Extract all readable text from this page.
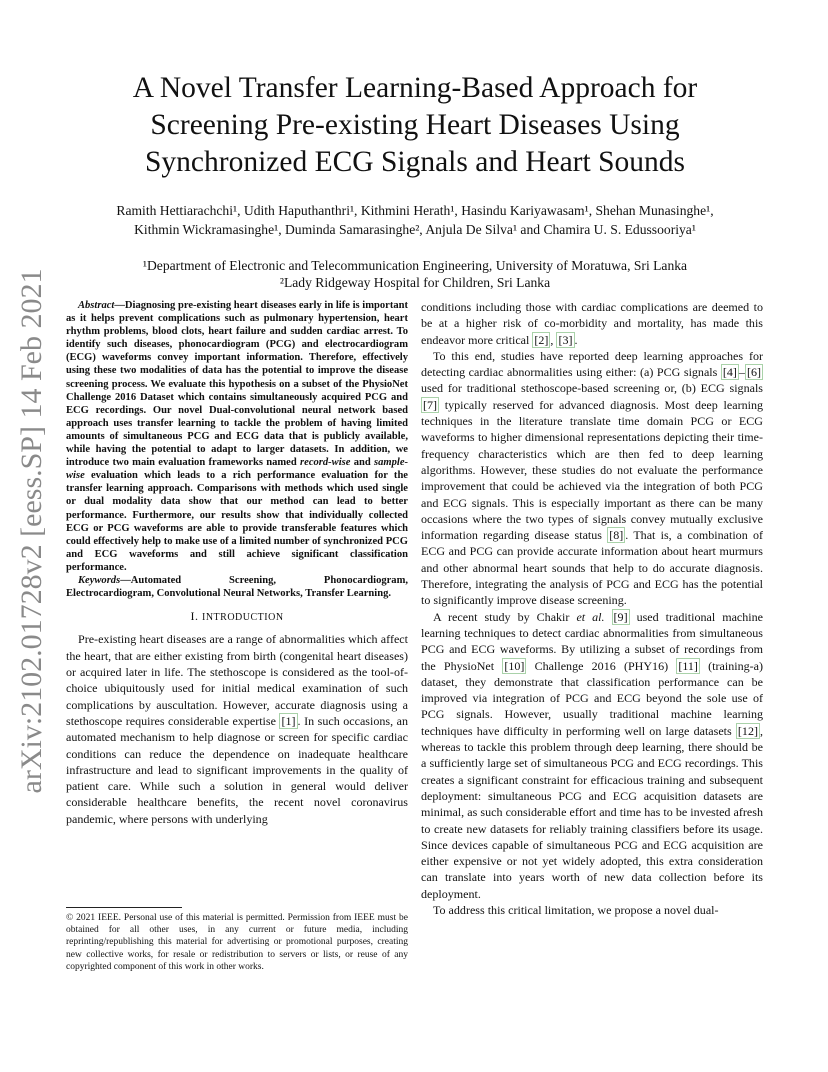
arXiv:2102.01728v2 [eess.SP] 14 Feb 2021
A Novel Transfer Learning-Based Approach for
Screening Pre-existing Heart Diseases Using
Synchronized ECG Signals and Heart Sounds
Ramith Hettiarachchi¹, Udith Haputhanthri¹, Kithmini Herath¹, Hasindu Kariyawasam¹, Shehan Munasinghe¹,
Kithmin Wickramasinghe¹, Duminda Samarasinghe², Anjula De Silva¹ and Chamira U. S. Edussooriya¹
¹Department of Electronic and Telecommunication Engineering, University of Moratuwa, Sri Lanka
²Lady Ridgeway Hospital for Children, Sri Lanka

Abstract—Diagnosing pre-existing heart diseases early in life is important as it helps prevent complications such as pulmonary hypertension, heart rhythm problems, blood clots, heart failure and sudden cardiac arrest. To identify such diseases, phonocardiogram (PCG) and electrocardiogram (ECG) waveforms convey important information. Therefore, effectively using these two modalities of data has the potential to improve the disease screening process. We evaluate this hypothesis on a subset of the PhysioNet Challenge 2016 Dataset which contains simultaneously acquired PCG and ECG recordings. Our novel Dual-convolutional neural network based approach uses transfer learning to tackle the problem of having limited amounts of simultaneous PCG and ECG data that is publicly available, while having the potential to adapt to larger datasets. In addition, we introduce two main evaluation frameworks named record-wise and sample-wise evaluation which leads to a rich performance evaluation for the transfer learning approach. Comparisons with methods which used single or dual modality data show that our method can lead to better performance. Furthermore, our results show that individually collected ECG or PCG waveforms are able to provide transferable features which could effectively help to make use of a limited number of synchronized PCG and ECG waveforms and still achieve significant classification performance.

Keywords—Automated Screening, Phonocardiogram, Electrocardiogram, Convolutional Neural Networks, Transfer Learning.

I. INTRODUCTION

Pre-existing heart diseases are a range of abnormalities which affect the heart, that are either existing from birth (congenital heart diseases) or acquired later in life. The stethoscope is considered as the tool-of-choice ubiquitously used for initial medical examination of such complications by auscultation. However, accurate diagnosis using a stethoscope requires considerable expertise [1] . In such occasions, an automated mechanism to help diagnose or screen for specific cardiac conditions can reduce the dependence on inadequate healthcare infrastructure and lead to significant improvements in the quality of patient care. While such a solution in general would deliver considerable healthcare benefits, the recent novel coronavirus pandemic, where persons with underlying

© 2021 IEEE. Personal use of this material is permitted. Permission from IEEE must be obtained for all other uses, in any current or future media, including reprinting/republishing this material for advertising or promotional purposes, creating new collective works, for resale or redistribution to servers or lists, or reuse of any copyrighted component of this work in other works.

conditions including those with cardiac complications are deemed to be at a higher risk of co-morbidity and mortality, has made this endeavor more critical [2] , [3] .

To this end, studies have reported deep learning approaches for detecting cardiac abnormalities using either: (a) PCG signals [4] – [6] used for traditional stethoscope-based screening or, (b) ECG signals [7] typically reserved for advanced diagnosis. Most deep learning techniques in the literature translate time domain PCG or ECG waveforms to higher dimensional representations depicting their time-frequency characteristics which are then fed to deep learning algorithms. However, these studies do not evaluate the performance improvement that could be achieved via the integration of both PCG and ECG signals. This is especially important as there can be many occasions where the two types of signals convey mutually exclusive information regarding disease status [8] . That is, a combination of ECG and PCG can provide accurate information about heart murmurs and other abnormal heart sounds that help to do accurate diagnosis. Therefore, integrating the analysis of PCG and ECG has the potential to significantly improve disease screening.

A recent study by Chakir et al. [9] used traditional machine learning techniques to detect cardiac abnormalities from simultaneous PCG and ECG waveforms. By utilizing a subset of recordings from the PhysioNet [10] Challenge 2016 (PHY16) [11] (training-a) dataset, they demonstrate that classification performance can be improved via integration of PCG and ECG beyond the sole use of PCG signals. However, usually traditional machine learning techniques have difficulty in performing well on large datasets [12] , whereas to tackle this problem through deep learning, there should be a sufficiently large set of simultaneous PCG and ECG recordings. This creates a significant constraint for efficacious training and subsequent deployment: simultaneous PCG and ECG acquisition datasets are minimal, as such considerable effort and time has to be invested afresh to create new datasets for reliably training classifiers before its usage. Since devices capable of simultaneous PCG and ECG acquisition are either expensive or not yet widely adopted, this extra consideration can translate into years worth of new data collection before its deployment.

To address this critical limitation, we propose a novel dual-
